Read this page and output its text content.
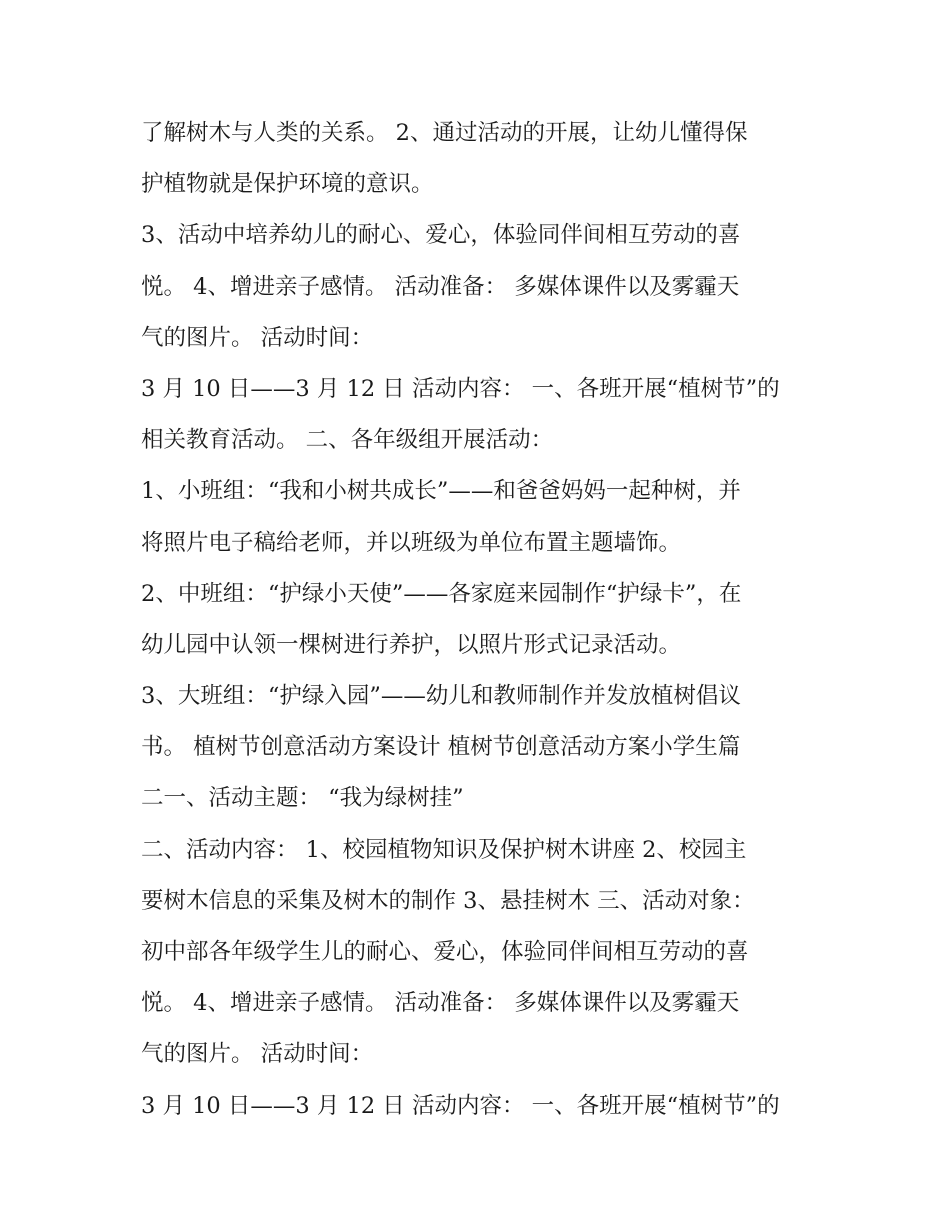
了解树木与人类的关系。 2、通过活动的开展，让幼儿懂得保
护植物就是保护环境的意识。
3、活动中培养幼儿的耐心、爱心，体验同伴间相互劳动的喜
悦。 4、增进亲子感情。 活动准备： 多媒体课件以及雾霾天
气的图片。 活动时间：
3 月 10 日——3 月 12 日 活动内容： 一、各班开展“植树节”的
相关教育活动。 二、各年级组开展活动：
1、小班组：“我和小树共成长”——和爸爸妈妈一起种树，并
将照片电子稿给老师，并以班级为单位布置主题墙饰。
2、中班组：“护绿小天使”——各家庭来园制作“护绿卡”，在
幼儿园中认领一棵树进行养护，以照片形式记录活动。
3、大班组：“护绿入园”——幼儿和教师制作并发放植树倡议
书。 植树节创意活动方案设计 植树节创意活动方案小学生篇
二一、活动主题： “我为绿树挂”
二、活动内容： 1、校园植物知识及保护树木讲座 2、校园主
要树木信息的采集及树木的制作 3、悬挂树木 三、活动对象：
初中部各年级学生儿的耐心、爱心，体验同伴间相互劳动的喜
悦。 4、增进亲子感情。 活动准备： 多媒体课件以及雾霾天
气的图片。 活动时间：
3 月 10 日——3 月 12 日 活动内容： 一、各班开展“植树节”的
